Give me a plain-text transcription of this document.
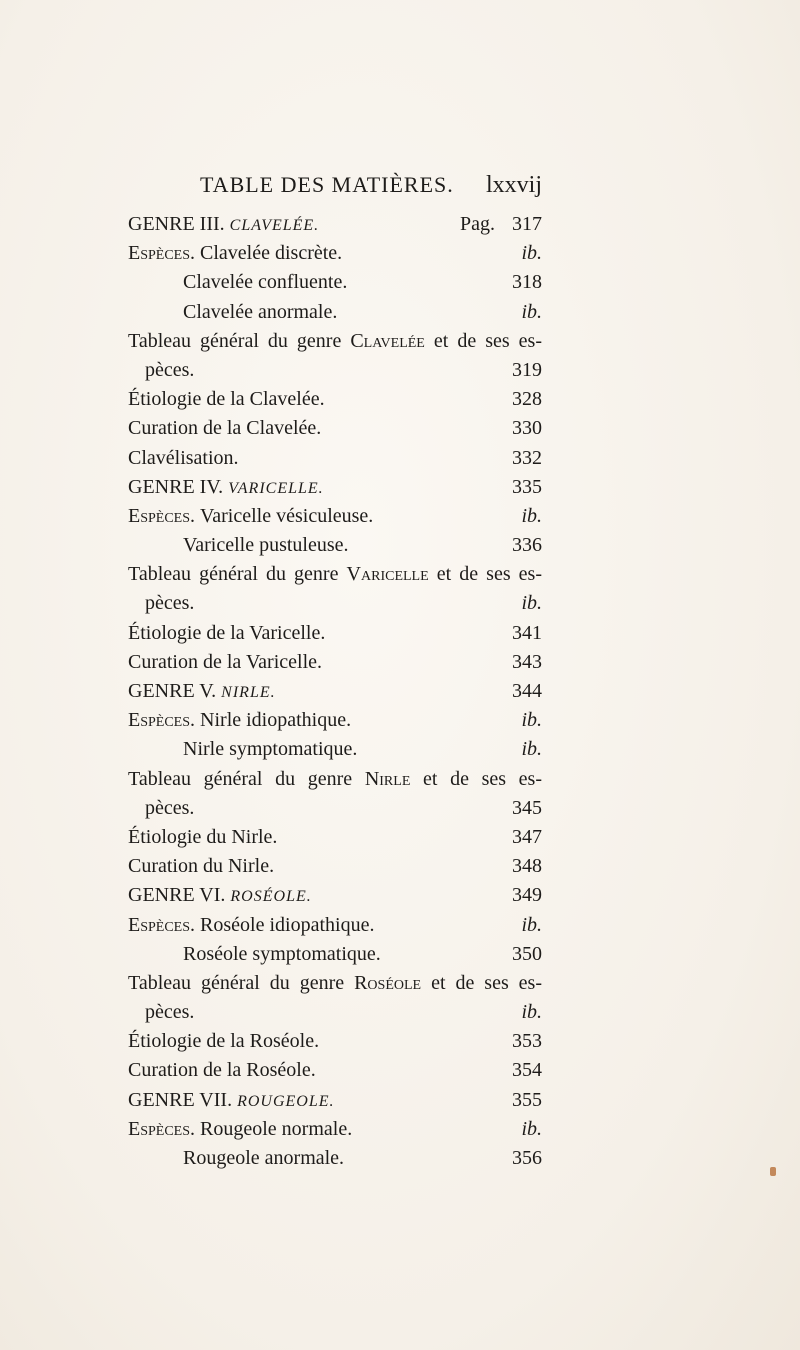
TABLE DES MATIÈRES. lxxvij
GENRE III. CLAVELÉE.	Pag. 317
Espèces. Clavelée discrète.	ib.
Clavelée confluente.	318
Clavelée anormale.	ib.
Tableau général du genre Clavelée et de ses es-
pèces.	319
Étiologie de la Clavelée.	328
Curation de la Clavelée.	330
Clavélisation.	332
GENRE IV. VARICELLE.	335
Espèces. Varicelle vésiculeuse.	ib.
Varicelle pustuleuse.	336
Tableau général du genre Varicelle et de ses es-
pèces.	ib.
Étiologie de la Varicelle.	341
Curation de la Varicelle.	343
GENRE V. NIRLE.	344
Espèces. Nirle idiopathique.	ib.
Nirle symptomatique.	ib.
Tableau général du genre Nirle et de ses es-
pèces.	345
Étiologie du Nirle.	347
Curation du Nirle.	348
GENRE VI. ROSÉOLE.	349
Espèces. Roséole idiopathique.	ib.
Roséole symptomatique.	350
Tableau général du genre Roséole et de ses es-
pèces.	ib.
Étiologie de la Roséole.	353
Curation de la Roséole.	354
GENRE VII. ROUGEOLE.	355
Espèces. Rougeole normale.	ib.
Rougeole anormale.	356
